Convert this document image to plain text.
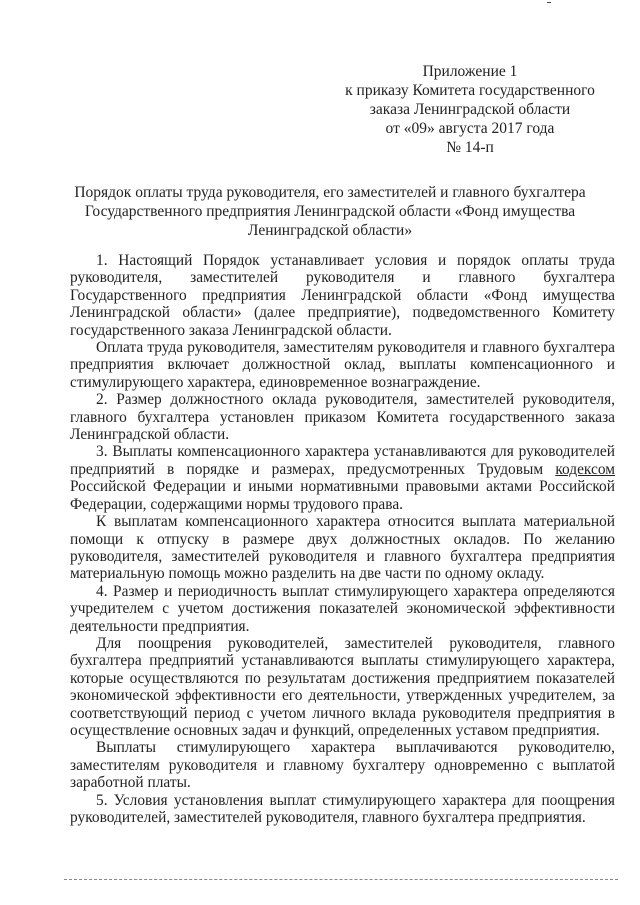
Приложение 1
к приказу Комитета государственного
заказа Ленинградской области
от «09» августа 2017 года
№ 14-п
Порядок оплаты труда руководителя, его заместителей и главного бухгалтера
Государственного предприятия Ленинградской области «Фонд имущества
Ленинградской области»

1. Настоящий Порядок устанавливает условия и порядок оплаты труда руководителя, заместителей руководителя и главного бухгалтера Государственного предприятия Ленинградской области «Фонд имущества Ленинградской области» (далее предприятие), подведомственного Комитету государственного заказа Ленинградской области.

Оплата труда руководителя, заместителям руководителя и главного бухгалтера предприятия включает должностной оклад, выплаты компенсационного и стимулирующего характера, единовременное вознаграждение.

2. Размер должностного оклада руководителя, заместителей руководителя, главного бухгалтера установлен приказом Комитета государственного заказа Ленинградской области.

3. Выплаты компенсационного характера устанавливаются для руководителей предприятий в порядке и размерах, предусмотренных Трудовым кодексом Российской Федерации и иными нормативными правовыми актами Российской Федерации, содержащими нормы трудового права.

К выплатам компенсационного характера относится выплата материальной помощи к отпуску в размере двух должностных окладов. По желанию руководителя, заместителей руководителя и главного бухгалтера предприятия материальную помощь можно разделить на две части по одному окладу.

4. Размер и периодичность выплат стимулирующего характера определяются учредителем с учетом достижения показателей экономической эффективности деятельности предприятия.

Для поощрения руководителей, заместителей руководителя, главного бухгалтера предприятий устанавливаются выплаты стимулирующего характера, которые осуществляются по результатам достижения предприятием показателей экономической эффективности его деятельности, утвержденных учредителем, за соответствующий период с учетом личного вклада руководителя предприятия в осуществление основных задач и функций, определенных уставом предприятия.

Выплаты стимулирующего характера выплачиваются руководителю, заместителям руководителя и главному бухгалтеру одновременно с выплатой заработной платы.

5. Условия установления выплат стимулирующего характера для поощрения руководителей, заместителей руководителя, главного бухгалтера предприятия.
